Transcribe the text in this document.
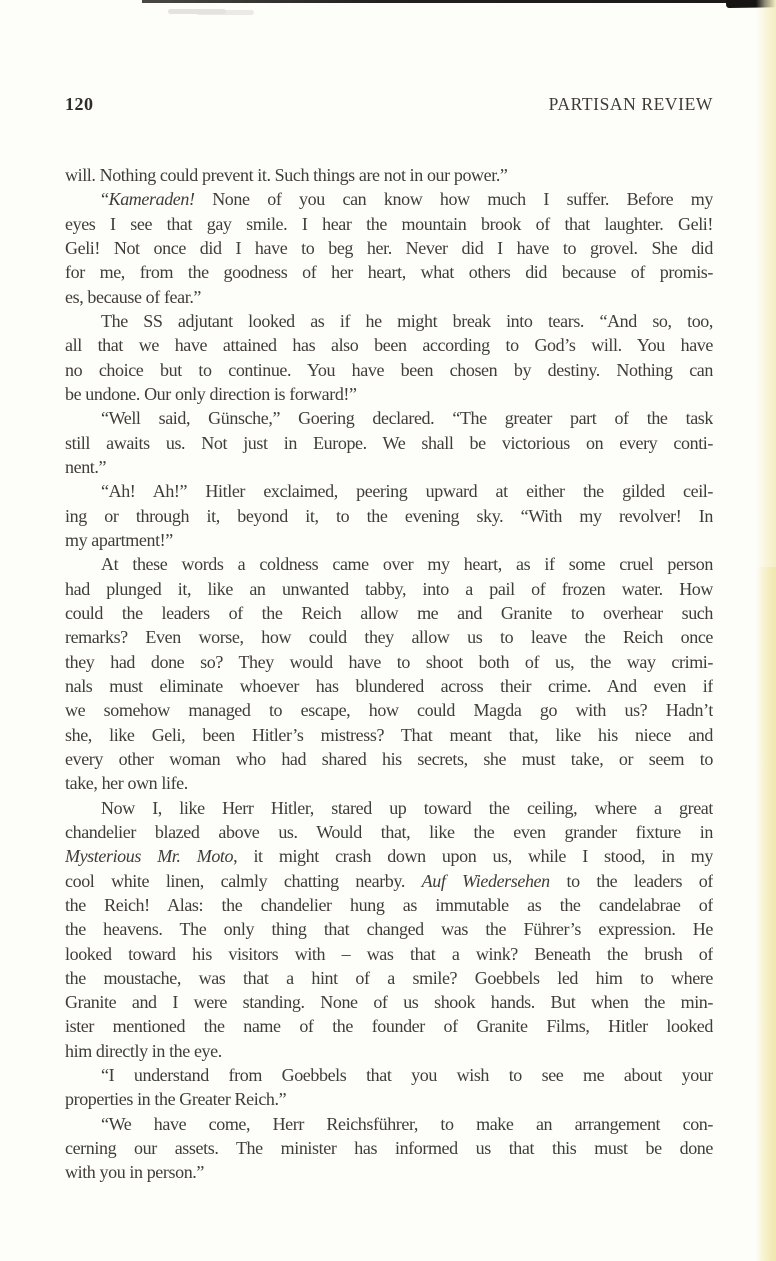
120	PARTISAN REVIEW
will. Nothing could prevent it. Such things are not in our power.”
“Kameraden! None of you can know how much I suffer. Before my
eyes I see that gay smile. I hear the mountain brook of that laughter. Geli!
Geli! Not once did I have to beg her. Never did I have to grovel. She did
for me, from the goodness of her heart, what others did because of promis-
es, because of fear.”
The SS adjutant looked as if he might break into tears. “And so, too,
all that we have attained has also been according to God’s will. You have
no choice but to continue. You have been chosen by destiny. Nothing can
be undone. Our only direction is forward!”
“Well said, Günsche,” Goering declared. “The greater part of the task
still awaits us. Not just in Europe. We shall be victorious on every conti-
nent.”
“Ah! Ah!” Hitler exclaimed, peering upward at either the gilded ceil-
ing or through it, beyond it, to the evening sky. “With my revolver! In
my apartment!”
At these words a coldness came over my heart, as if some cruel person
had plunged it, like an unwanted tabby, into a pail of frozen water. How
could the leaders of the Reich allow me and Granite to overhear such
remarks? Even worse, how could they allow us to leave the Reich once
they had done so? They would have to shoot both of us, the way crimi-
nals must eliminate whoever has blundered across their crime. And even if
we somehow managed to escape, how could Magda go with us? Hadn’t
she, like Geli, been Hitler’s mistress? That meant that, like his niece and
every other woman who had shared his secrets, she must take, or seem to
take, her own life.
Now I, like Herr Hitler, stared up toward the ceiling, where a great
chandelier blazed above us. Would that, like the even grander fixture in
Mysterious Mr. Moto, it might crash down upon us, while I stood, in my
cool white linen, calmly chatting nearby. Auf Wiedersehen to the leaders of
the Reich! Alas: the chandelier hung as immutable as the candelabrae of
the heavens. The only thing that changed was the Führer’s expression. He
looked toward his visitors with – was that a wink? Beneath the brush of
the moustache, was that a hint of a smile? Goebbels led him to where
Granite and I were standing. None of us shook hands. But when the min-
ister mentioned the name of the founder of Granite Films, Hitler looked
him directly in the eye.
“I understand from Goebbels that you wish to see me about your
properties in the Greater Reich.”
“We have come, Herr Reichsführer, to make an arrangement con-
cerning our assets. The minister has informed us that this must be done
with you in person.”
